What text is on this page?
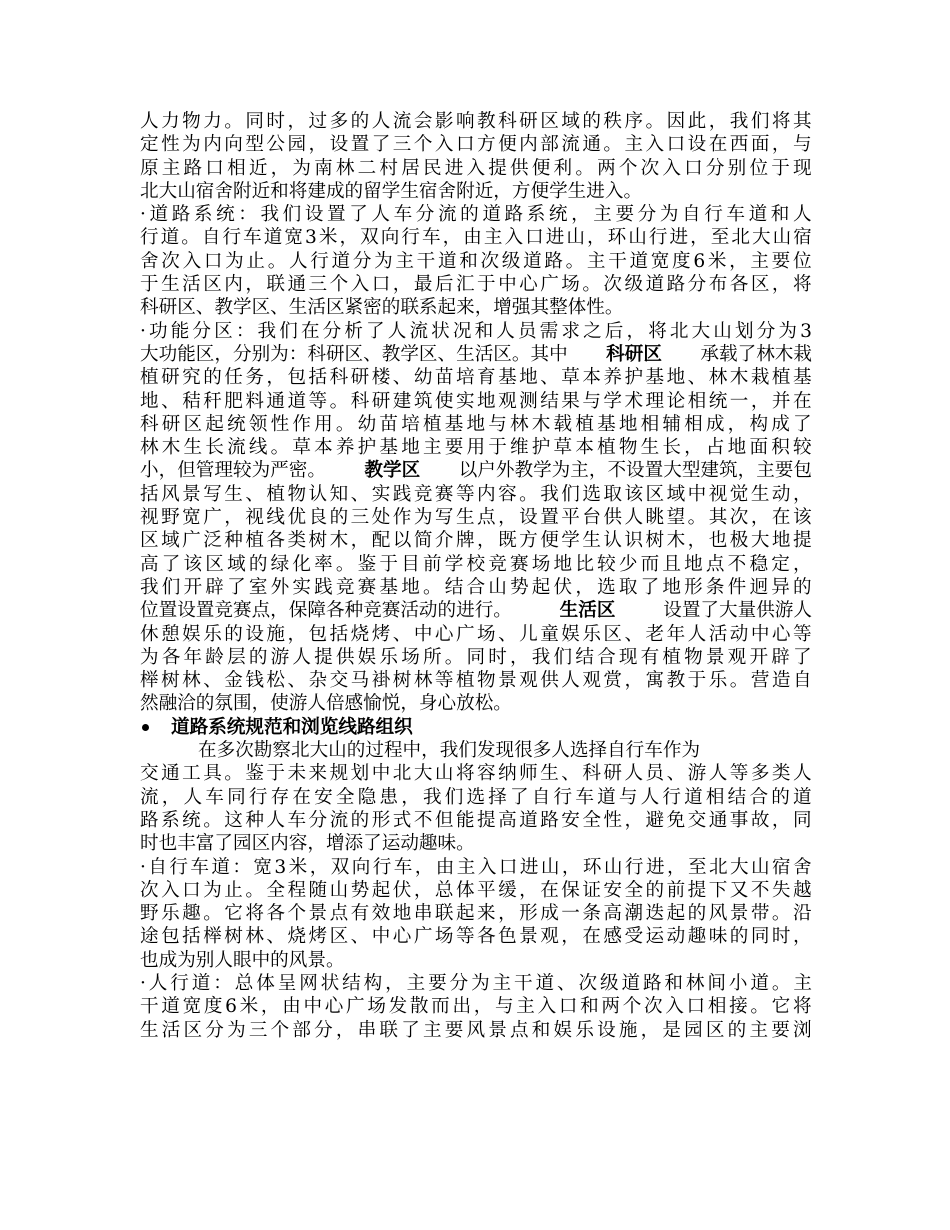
人 力 物 力 。 同 时 ， 过 多 的 人 流 会 影 响 教 科 研 区 域 的 秩 序 。 因 此 ， 我 们 将 其
定 性 为 内 向 型 公 园 ， 设 置 了 三 个 入 口 方 便 内 部 流 通 。 主 入 口 设 在 西 面 ， 与
原 主 路 口 相 近 ， 为 南 林 二 村 居 民 进 入 提 供 便 利 。 两 个 次 入 口 分 别 位 于 现
北大山宿舍附近和将建成的留学生宿舍附近，方便学生进入。
· 道 路 系 统 ： 我 们 设 置 了 人 车 分 流 的 道 路 系 统 ， 主 要 分 为 自 行 车 道 和 人
行 道 。 自 行 车 道 宽 3 米 ， 双 向 行 车 ， 由 主 入 口 进 山 ， 环 山 行 进 ， 至 北 大 山 宿
舍 次 入 口 为 止 。 人 行 道 分 为 主 干 道 和 次 级 道 路 。 主 干 道 宽 度 6 米 ， 主 要 位
于 生 活 区 内 ， 联 通 三 个 入 口 ， 最 后 汇 于 中 心 广 场 。 次 级 道 路 分 布 各 区 ， 将
科研区、教学区、生活区紧密的联系起来，增强其整体性。
· 功 能 分 区 ： 我 们 在 分 析 了 人 流 状 况 和 人 员 需 求 之 后 ， 将 北 大 山 划 分 为 3
大功能区，分别为：科研区、教学区、生活区。其中 科研区 承载了林木栽
植 研 究 的 任 务 ， 包 括 科 研 楼 、 幼 苗 培 育 基 地 、 草 本 养 护 基 地 、 林 木 栽 植 基
地 、 秸 秆 肥 料 通 道 等 。 科 研 建 筑 使 实 地 观 测 结 果 与 学 术 理 论 相 统 一 ， 并 在
科 研 区 起 统 领 性 作 用 。 幼 苗 培 植 基 地 与 林 木 载 植 基 地 相 辅 相 成 ， 构 成 了
林 木 生 长 流 线 。 草 本 养 护 基 地 主 要 用 于 维 护 草 本 植 物 生 长 ， 占 地 面 积 较
小，但管理较为严密。 教学区 以户外教学为主，不设置大型建筑，主要包
括 风 景 写 生 、 植 物 认 知 、 实 践 竞 赛 等 内 容 。 我 们 选 取 该 区 域 中 视 觉 生 动 ，
视 野 宽 广 ， 视 线 优 良 的 三 处 作 为 写 生 点 ， 设 置 平 台 供 人 眺 望 。 其 次 ， 在 该
区 域 广 泛 种 植 各 类 树 木 ， 配 以 简 介 牌 ， 既 方 便 学 生 认 识 树 木 ， 也 极 大 地 提
高 了 该 区 域 的 绿 化 率 。 鉴 于 目 前 学 校 竞 赛 场 地 比 较 少 而 且 地 点 不 稳 定 ，
我 们 开 辟 了 室 外 实 践 竞 赛 基 地 。 结 合 山 势 起 伏 ， 选 取 了 地 形 条 件 迥 异 的
位置设置竞赛点，保障各种竞赛活动的进行。	生活区	设置了大量供游人
休 憩 娱 乐 的 设 施 ， 包 括 烧 烤 、 中 心 广 场 、 儿 童 娱 乐 区 、 老 年 人 活 动 中 心 等
为 各 年 龄 层 的 游 人 提 供 娱 乐 场 所 。 同 时 ， 我 们 结 合 现 有 植 物 景 观 开 辟 了
榉 树 林 、 金 钱 松 、 杂 交 马 褂 树 林 等 植 物 景 观 供 人 观 赏 ， 寓 教 于 乐 。 营 造 自
然融洽的氛围，使游人倍感愉悦，身心放松。
道路系统规范和浏览线路组织
在多次勘察北大山的过程中，我们发现很多人选择自行车作为
交 通 工 具 。 鉴 于 未 来 规 划 中 北 大 山 将 容 纳 师 生 、 科 研 人 员 、 游 人 等 多 类 人
流 ， 人 车 同 行 存 在 安 全 隐 患 ， 我 们 选 择 了 自 行 车 道 与 人 行 道 相 结 合 的 道
路 系 统 。 这 种 人 车 分 流 的 形 式 不 但 能 提 高 道 路 安 全 性 ， 避 免 交 通 事 故 ， 同
时也丰富了园区内容，增添了运动趣味。
· 自 行 车 道 ： 宽 3 米 ， 双 向 行 车 ， 由 主 入 口 进 山 ， 环 山 行 进 ， 至 北 大 山 宿 舍
次 入 口 为 止 。 全 程 随 山 势 起 伏 ， 总 体 平 缓 ， 在 保 证 安 全 的 前 提 下 又 不 失 越
野 乐 趣 。 它 将 各 个 景 点 有 效 地 串 联 起 来 ， 形 成 一 条 高 潮 迭 起 的 风 景 带 。 沿
途 包 括 榉 树 林 、 烧 烤 区 、 中 心 广 场 等 各 色 景 观 ， 在 感 受 运 动 趣 味 的 同 时 ，
也成为别人眼中的风景。
· 人 行 道 ： 总 体 呈 网 状 结 构 ， 主 要 分 为 主 干 道 、 次 级 道 路 和 林 间 小 道 。 主
干 道 宽 度 6 米 ， 由 中 心 广 场 发 散 而 出 ， 与 主 入 口 和 两 个 次 入 口 相 接 。 它 将
生 活 区 分 为 三 个 部 分 ， 串 联 了 主 要 风 景 点 和 娱 乐 设 施 ， 是 园 区 的 主 要 浏
